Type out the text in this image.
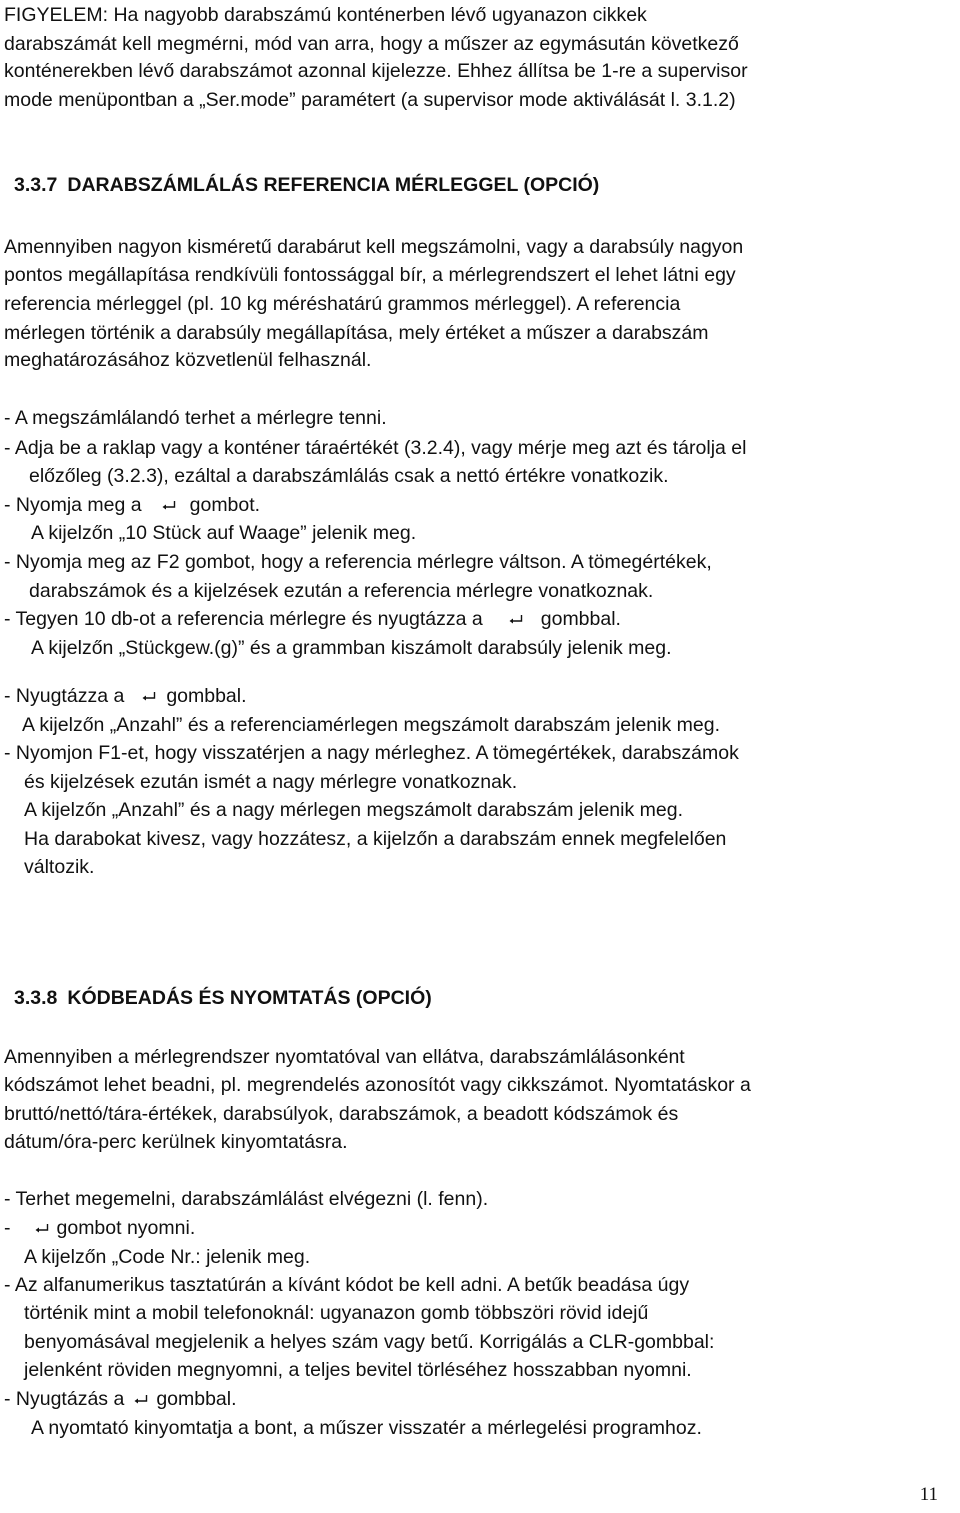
FIGYELEM: Ha nagyobb darabszámú konténerben lévő ugyanazon cikkek
darabszámát kell megmérni, mód van arra, hogy a műszer az egymásután következő
konténerekben lévő darabszámot azonnal kijelezze. Ehhez állítsa be 1-re a supervisor
mode menüpontban a „Ser.mode” paramétert (a supervisor mode aktiválását l. 3.1.2)
3.3.7 DARABSZÁMLÁLÁS REFERENCIA MÉRLEGGEL (OPCIÓ)
Amennyiben nagyon kisméretű darabárut kell megszámolni, vagy a darabsúly nagyon
pontos megállapítása rendkívüli fontossággal bír, a mérlegrendszert el lehet látni egy
referencia mérleggel (pl. 10 kg méréshatárú grammos mérleggel). A referencia
mérlegen történik a darabsúly megállapítása, mely értéket a műszer a darabszám
meghatározásához közvetlenül felhasznál.
- A megszámlálandó terhet a mérlegre tenni.
- Adja be a raklap vagy a konténer táraértékét (3.2.4), vagy mérje meg azt és tárolja el
előzőleg (3.2.3), ezáltal a darabszámlálás csak a nettó értékre vonatkozik.
- Nyomja meg a gombot.
A kijelzőn „10 Stück auf Waage” jelenik meg.
- Nyomja meg az F2 gombot, hogy a referencia mérlegre váltson. A tömegértékek,
darabszámok és a kijelzések ezután a referencia mérlegre vonatkoznak.
- Tegyen 10 db-ot a referencia mérlegre és nyugtázza a	gombbal.
A kijelzőn „Stückgew.(g)” és a grammban kiszámolt darabsúly jelenik meg.
- Nyugtázza a gombbal.
A kijelzőn „Anzahl” és a referenciamérlegen megszámolt darabszám jelenik meg.
- Nyomjon F1-et, hogy visszatérjen a nagy mérleghez. A tömegértékek, darabszámok
és kijelzések ezután ismét a nagy mérlegre vonatkoznak.
A kijelzőn „Anzahl” és a nagy mérlegen megszámolt darabszám jelenik meg.
Ha darabokat kivesz, vagy hozzátesz, a kijelzőn a darabszám ennek megfelelően
változik.
3.3.8 KÓDBEADÁS ÉS NYOMTATÁS (OPCIÓ)
Amennyiben a mérlegrendszer nyomtatóval van ellátva, darabszámlálásonként
kódszámot lehet beadni, pl. megrendelés azonosítót vagy cikkszámot. Nyomtatáskor a
bruttó/nettó/tára-értékek, darabsúlyok, darabszámok, a beadott kódszámok és
dátum/óra-perc kerülnek kinyomtatásra.
- Terhet megemelni, darabszámlálást elvégezni (l. fenn).
- gombot nyomni.
A kijelzőn „Code Nr.: jelenik meg.
- Az alfanumerikus tasztatúrán a kívánt kódot be kell adni. A betűk beadása úgy
történik mint a mobil telefonoknál: ugyanazon gomb többszöri rövid idejű
benyomásával megjelenik a helyes szám vagy betű. Korrigálás a CLR-gombbal:
jelenként röviden megnyomni, a teljes bevitel törléséhez hosszabban nyomni.
- Nyugtázás a gombbal.
A nyomtató kinyomtatja a bont, a műszer visszatér a mérlegelési programhoz.
11
